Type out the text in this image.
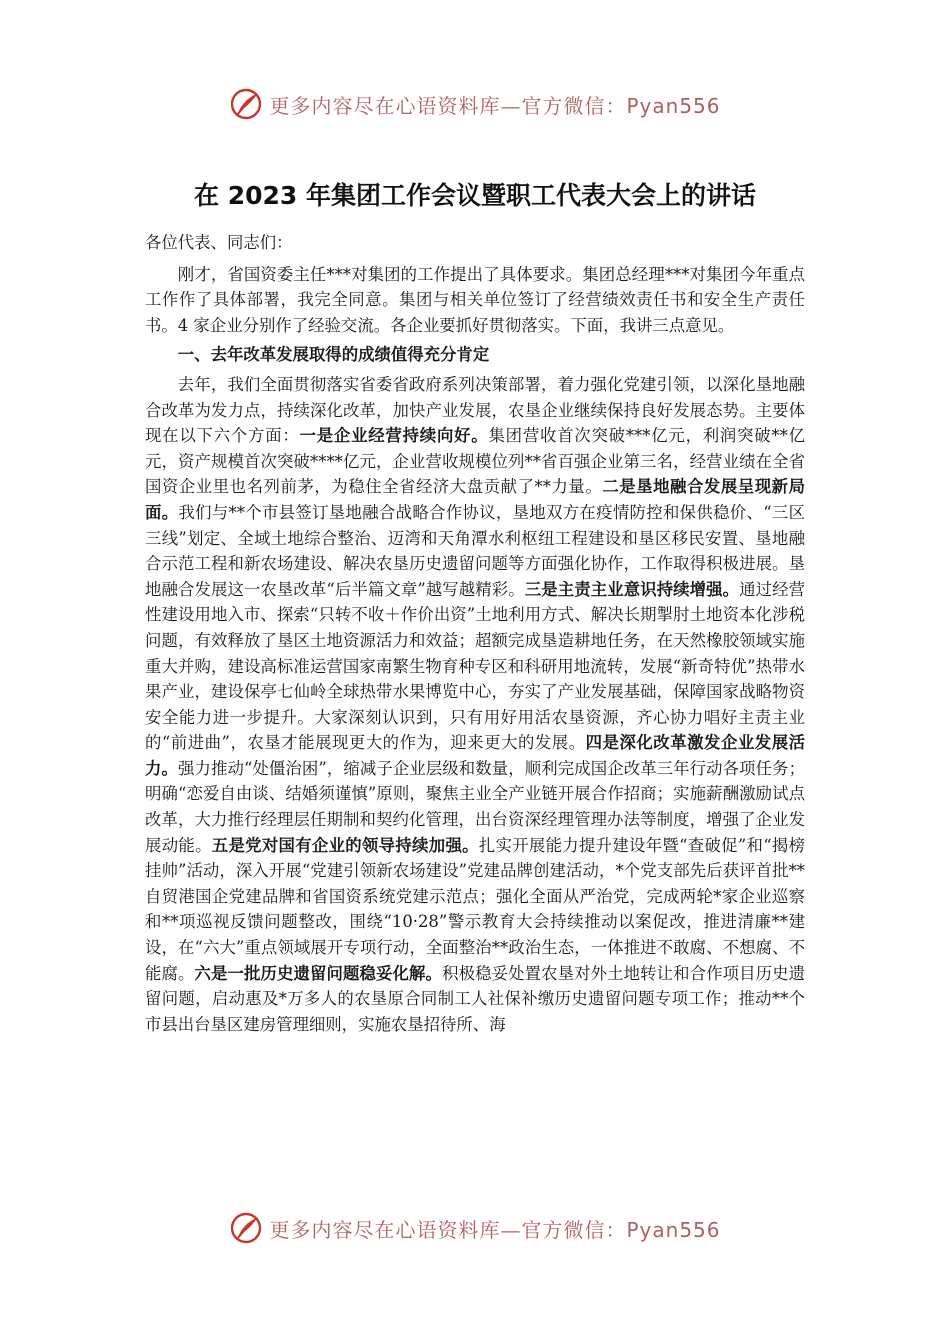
更多内容尽在心语资料库—官方微信：Pyan556
在 2023 年集团工作会议暨职工代表大会上的讲话

各位代表、同志们：

刚才，省国资委主任***对集团的工作提出了具体要求。集团总经理***对集团今年重点工作作了具体部署，我完全同意。集团与相关单位签订了经营绩效责任书和安全生产责任书。4 家企业分别作了经验交流。各企业要抓好贯彻落实。下面，我讲三点意见。

一、去年改革发展取得的成绩值得充分肯定

去年，我们全面贯彻落实省委省政府系列决策部署，着力强化党建引领，以深化垦地融合改革为发力点，持续深化改革，加快产业发展，农垦企业继续保持良好发展态势。主要体现在以下六个方面：一是企业经营持续向好。集团营收首次突破***亿元，利润突破**亿元，资产规模首次突破****亿元，企业营收规模位列**省百强企业第三名，经营业绩在全省国资企业里也名列前茅，为稳住全省经济大盘贡献了**力量。二是垦地融合发展呈现新局面。我们与**个市县签订垦地融合战略合作协议，垦地双方在疫情防控和保供稳价、“三区三线”划定、全域土地综合整治、迈湾和天角潭水利枢纽工程建设和垦区移民安置、垦地融合示范工程和新农场建设、解决农垦历史遗留问题等方面强化协作，工作取得积极进展。垦地融合发展这一农垦改革“后半篇文章”越写越精彩。三是主责主业意识持续增强。通过经营性建设用地入市、探索“只转不收＋作价出资”土地利用方式、解决长期掣肘土地资本化涉税问题，有效释放了垦区土地资源活力和效益；超额完成垦造耕地任务，在天然橡胶领域实施重大并购，建设高标准运营国家南繁生物育种专区和科研用地流转，发展“新奇特优”热带水果产业，建设保亭七仙岭全球热带水果博览中心，夯实了产业发展基础，保障国家战略物资安全能力进一步提升。大家深刻认识到，只有用好用活农垦资源，齐心协力唱好主责主业的“前进曲”，农垦才能展现更大的作为，迎来更大的发展。四是深化改革激发企业发展活力。强力推动“处僵治困”，缩减子企业层级和数量，顺利完成国企改革三年行动各项任务；明确“恋爱自由谈、结婚须谨慎”原则，聚焦主业全产业链开展合作招商；实施薪酬激励试点改革，大力推行经理层任期制和契约化管理，出台资深经理管理办法等制度，增强了企业发展动能。五是党对国有企业的领导持续加强。扎实开展能力提升建设年暨“查破促”和“揭榜挂帅”活动，深入开展“党建引领新农场建设”党建品牌创建活动，*个党支部先后获评首批**自贸港国企党建品牌和省国资系统党建示范点；强化全面从严治党，完成两轮*家企业巡察和**项巡视反馈问题整改，围绕“10·28”警示教育大会持续推动以案促改，推进清廉**建设，在“六大”重点领域展开专项行动，全面整治**政治生态，一体推进不敢腐、不想腐、不能腐。六是一批历史遗留问题稳妥化解。积极稳妥处置农垦对外土地转让和合作项目历史遗留问题，启动惠及*万多人的农垦原合同制工人社保补缴历史遗留问题专项工作；推动**个市县出台垦区建房管理细则，实施农垦招待所、海

更多内容尽在心语资料库—官方微信：Pyan556
